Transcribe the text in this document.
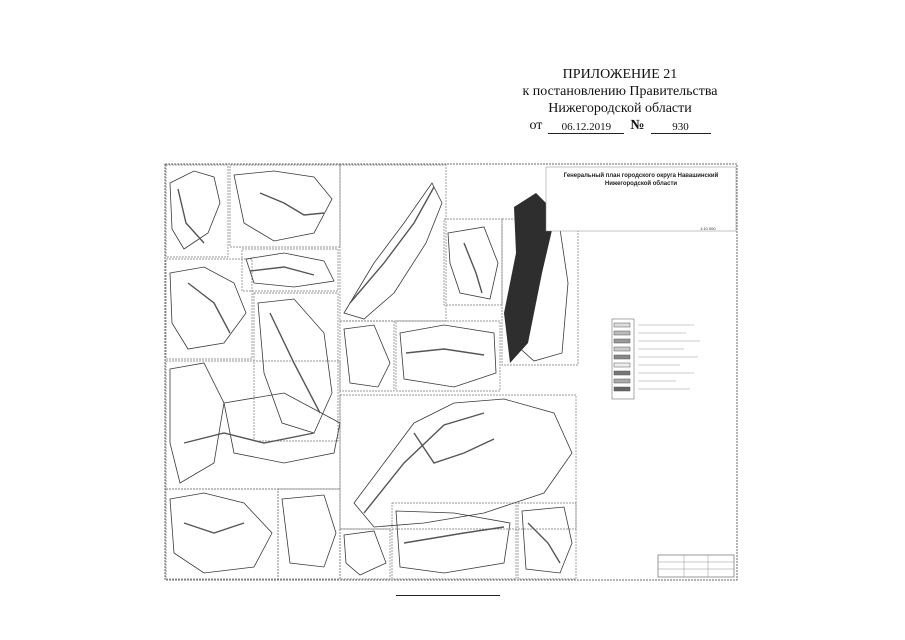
ПРИЛОЖЕНИЕ 21
к постановлению Правительства
Нижегородской области
от	06.12.2019	№	930
Генеральный план городского округа Навашинский Нижегородской области
1:10 000
